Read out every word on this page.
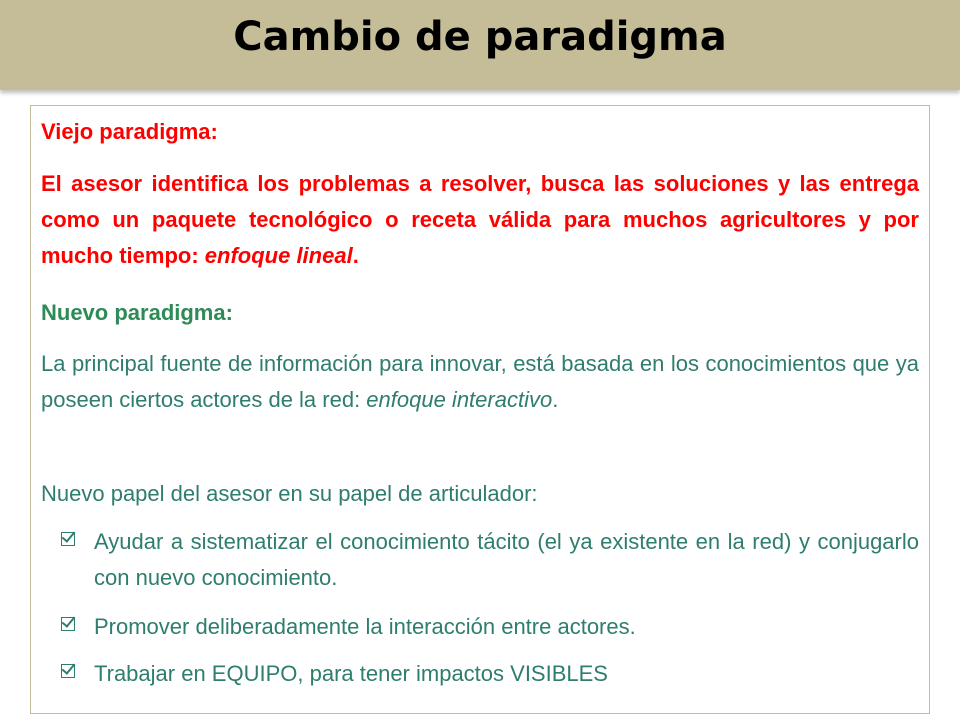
Cambio de paradigma
Viejo paradigma:
El asesor identifica los problemas a resolver, busca las soluciones y las entrega como un paquete tecnológico o receta válida para muchos agricultores y por mucho tiempo: enfoque lineal.
Nuevo paradigma:
La principal fuente de información para innovar, está basada en los conocimientos que ya poseen ciertos actores de la red: enfoque interactivo.
Nuevo papel del asesor en su papel de articulador:
Ayudar a sistematizar el conocimiento tácito (el ya existente en la red) y conjugarlo con nuevo conocimiento.
Promover deliberadamente la interacción entre actores.
Trabajar en EQUIPO, para tener impactos VISIBLES
